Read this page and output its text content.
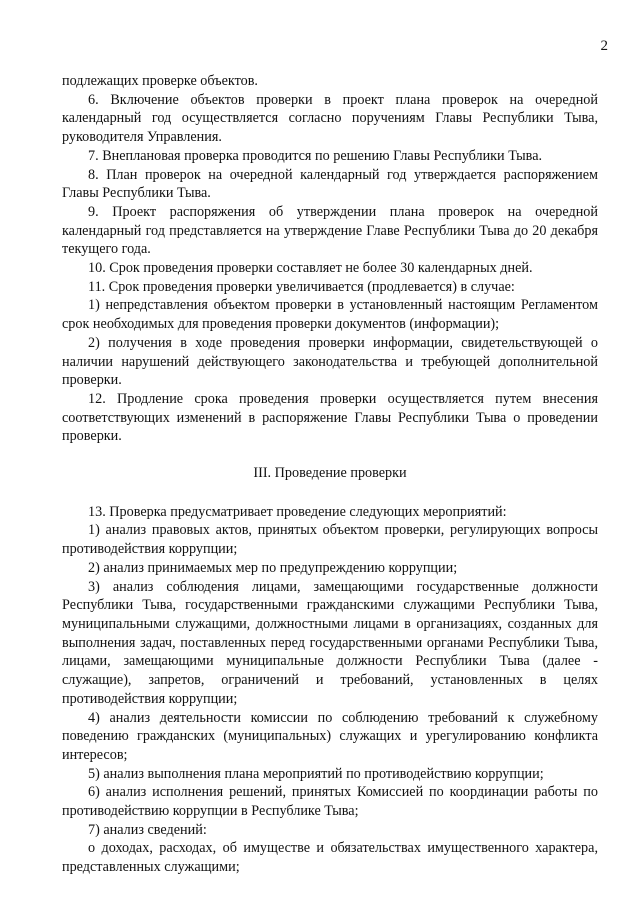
2

подлежащих проверке объектов.

6. Включение объектов проверки в проект плана проверок на очередной календарный год осуществляется согласно поручениям Главы Республики Тыва, руководителя Управления.

7. Внеплановая проверка проводится по решению Главы Республики Тыва.

8. План проверок на очередной календарный год утверждается распоряжением Главы Республики Тыва.

9. Проект распоряжения об утверждении плана проверок на очередной календарный год представляется на утверждение Главе Республики Тыва до 20 декабря текущего года.

10. Срок проведения проверки составляет не более 30 календарных дней.

11. Срок проведения проверки увеличивается (продлевается) в случае:

1) непредставления объектом проверки в установленный настоящим Регламентом срок необходимых для проведения проверки документов (информации);

2) получения в ходе проведения проверки информации, свидетельствующей о наличии нарушений действующего законодательства и требующей дополнительной проверки.

12. Продление срока проведения проверки осуществляется путем внесения соответствующих изменений в распоряжение Главы Республики Тыва о проведении проверки.

III. Проведение проверки

13. Проверка предусматривает проведение следующих мероприятий:

1) анализ правовых актов, принятых объектом проверки, регулирующих вопросы противодействия коррупции;

2) анализ принимаемых мер по предупреждению коррупции;

3) анализ соблюдения лицами, замещающими государственные должности Республики Тыва, государственными гражданскими служащими Республики Тыва, муниципальными служащими, должностными лицами в организациях, созданных для выполнения задач, поставленных перед государственными органами Республики Тыва, лицами, замещающими муниципальные должности Республики Тыва (далее - служащие), запретов, ограничений и требований, установленных в целях противодействия коррупции;

4) анализ деятельности комиссии по соблюдению требований к служебному поведению гражданских (муниципальных) служащих и урегулированию конфликта интересов;

5) анализ выполнения плана мероприятий по противодействию коррупции;

6) анализ исполнения решений, принятых Комиссией по координации работы по противодействию коррупции в Республике Тыва;

7) анализ сведений:

о доходах, расходах, об имуществе и обязательствах имущественного характера, представленных служащими;
